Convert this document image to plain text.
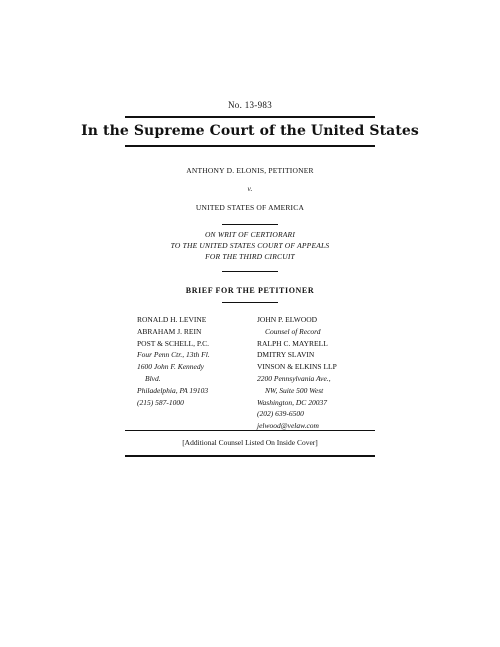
No. 13-983
In the Supreme Court of the United States
ANTHONY D. ELONIS, PETITIONER
v.
UNITED STATES OF AMERICA
ON WRIT OF CERTIORARI
TO THE UNITED STATES COURT OF APPEALS
FOR THE THIRD CIRCUIT
BRIEF FOR THE PETITIONER
RONALD H. LEVINE
ABRAHAM J. REIN
POST & SCHELL, P.C.
Four Penn Ctr., 13th Fl.
1600 John F. Kennedy
Blvd.
Philadelphia, PA 19103
(215) 587-1000
JOHN P. ELWOOD
Counsel of Record
RALPH C. MAYRELL
DMITRY SLAVIN
VINSON & ELKINS LLP
2200 Pennsylvania Ave.,
NW, Suite 500 West
Washington, DC 20037
(202) 639-6500
jelwood@velaw.com
[Additional Counsel Listed On Inside Cover]
